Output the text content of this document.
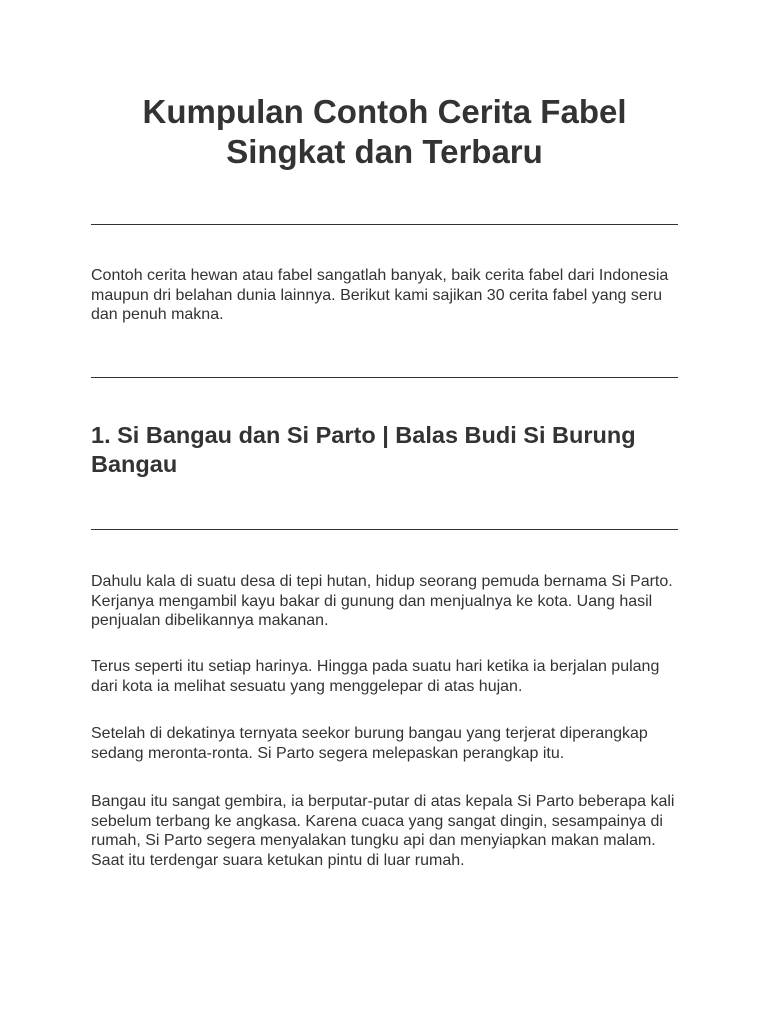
Kumpulan Contoh Cerita Fabel
Singkat dan Terbaru

Contoh cerita hewan atau fabel sangatlah banyak, baik cerita fabel dari Indonesia maupun dri belahan dunia lainnya. Berikut kami sajikan 30 cerita fabel yang seru dan penuh makna.

1. Si Bangau dan Si Parto | Balas Budi Si Burung Bangau

Dahulu kala di suatu desa di tepi hutan, hidup seorang pemuda bernama Si Parto. Kerjanya mengambil kayu bakar di gunung dan menjualnya ke kota. Uang hasil penjualan dibelikannya makanan.

Terus seperti itu setiap harinya. Hingga pada suatu hari ketika ia berjalan pulang dari kota ia melihat sesuatu yang menggelepar di atas hujan.

Setelah di dekatinya ternyata seekor burung bangau yang terjerat diperangkap sedang meronta-ronta. Si Parto segera melepaskan perangkap itu.

Bangau itu sangat gembira, ia berputar-putar di atas kepala Si Parto beberapa kali sebelum terbang ke angkasa. Karena cuaca yang sangat dingin, sesampainya di rumah, Si Parto segera menyalakan tungku api dan menyiapkan makan malam. Saat itu terdengar suara ketukan pintu di luar rumah.
